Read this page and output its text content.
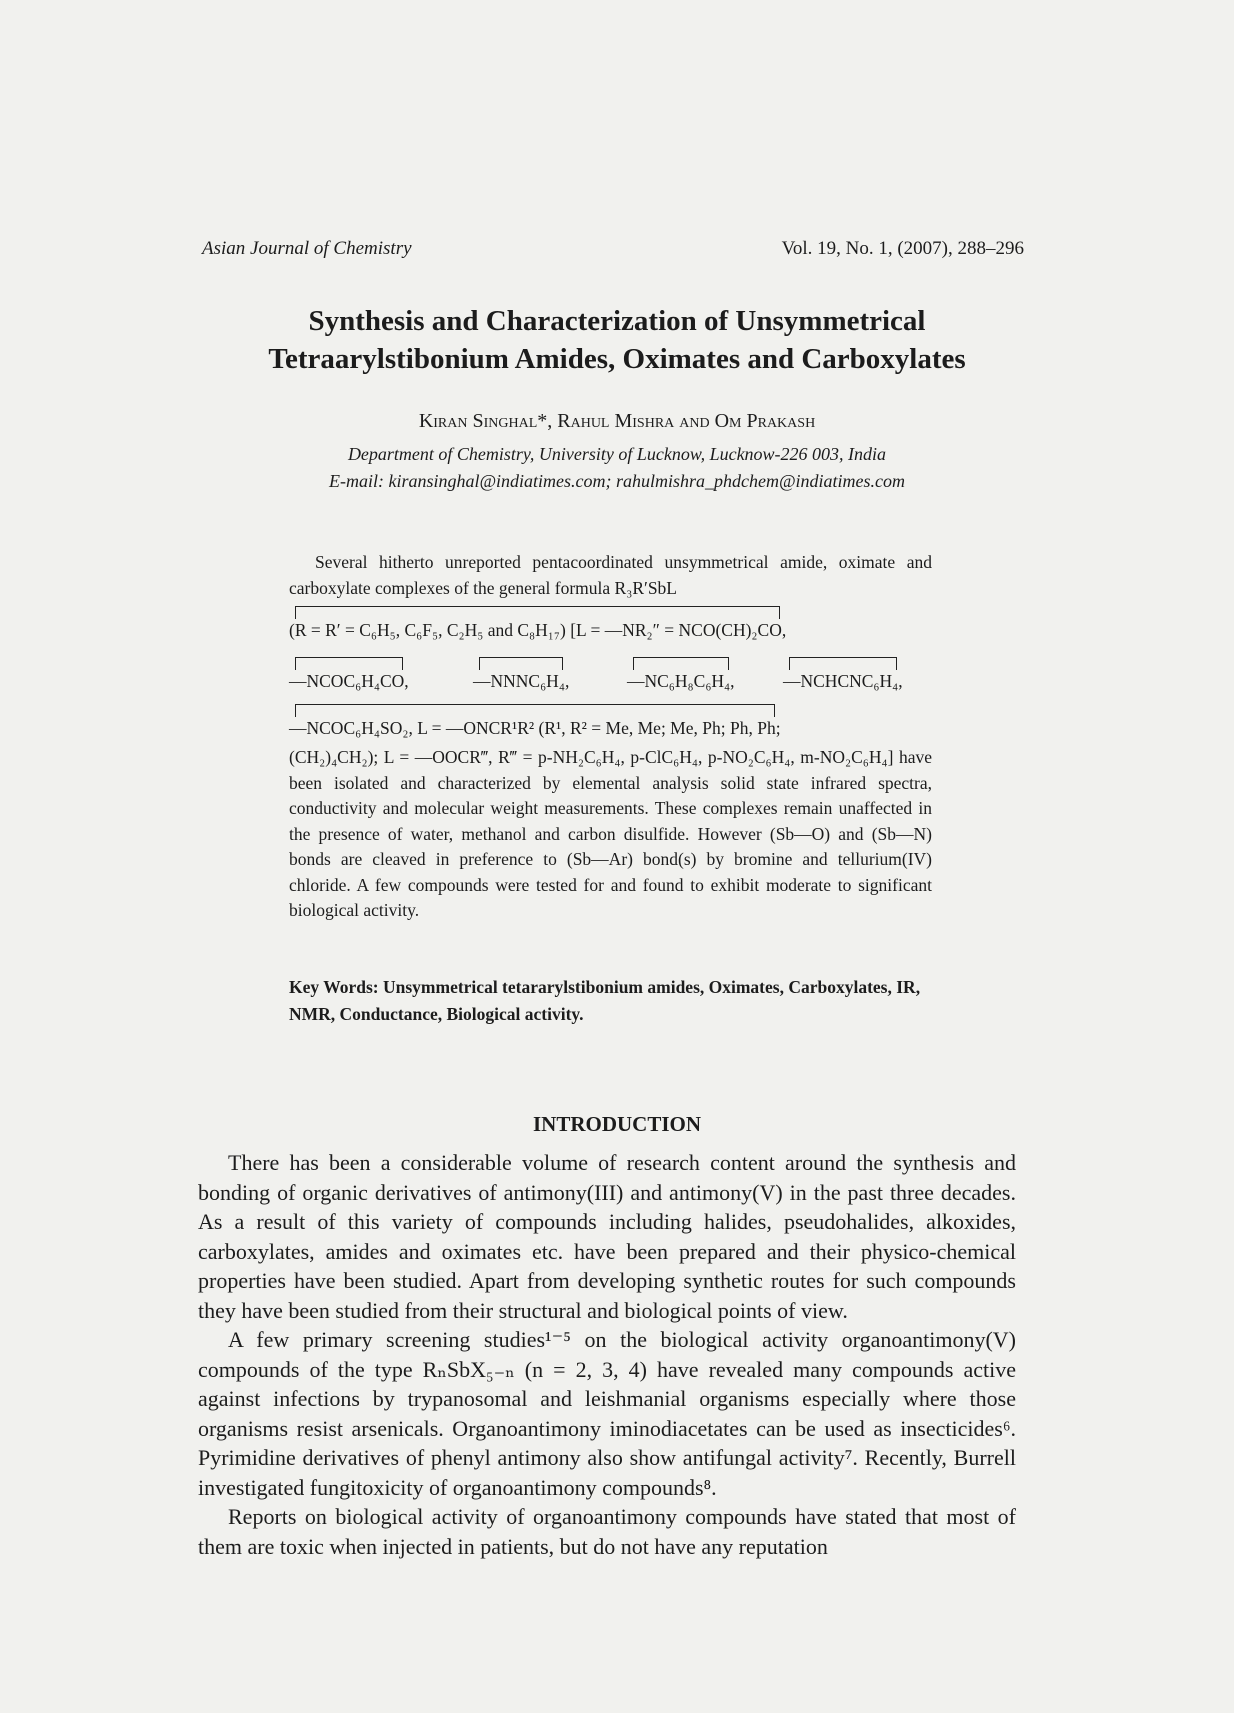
Asian Journal of Chemistry	Vol. 19, No. 1, (2007), 288–296
Synthesis and Characterization of Unsymmetrical
Tetraarylstibonium Amides, Oximates and Carboxylates
Kiran Singhal*, Rahul Mishra and Om Prakash
Department of Chemistry, University of Lucknow, Lucknow-226 003, India
E-mail: kiransinghal@indiatimes.com; rahulmishra_phdchem@indiatimes.com

Several hitherto unreported pentacoordinated unsymmetrical amide, oximate and carboxylate complexes of the general formula R₃R′SbL

(R = R′ = C₆H₅, C₆F₅, C₂H₅ and C₈H₁₇) [L = —NR₂″ = NCO(CH)₂CO,
—NCOC₆H₄CO,	—NNNC₆H₄,	—NC₆H₈C₆H₄,	—NCHCNC₆H₄,
—NCOC₆H₄SO₂, L = —ONCR¹R² (R¹, R² = Me, Me; Me, Ph; Ph, Ph;

(CH₂)₄CH₂); L = —OOCR‴, R‴ = p-NH₂C₆H₄, p-ClC₆H₄, p-NO₂C₆H₄, m-NO₂C₆H₄] have been isolated and characterized by elemental analysis solid state infrared spectra, conductivity and molecular weight measurements. These complexes remain unaffected in the presence of water, methanol and carbon disulfide. However (Sb—O) and (Sb—N) bonds are cleaved in preference to (Sb—Ar) bond(s) by bromine and tellurium(IV) chloride. A few compounds were tested for and found to exhibit moderate to significant biological activity.

Key Words: Unsymmetrical tetararylstibonium amides, Oximates, Carboxylates, IR, NMR, Conductance, Biological activity.
INTRODUCTION

There has been a considerable volume of research content around the synthesis and bonding of organic derivatives of antimony(III) and antimony(V) in the past three decades. As a result of this variety of compounds including halides, pseudohalides, alkoxides, carboxylates, amides and oximates etc. have been prepared and their physico-chemical properties have been studied. Apart from developing synthetic routes for such compounds they have been studied from their structural and biological points of view.

A few primary screening studies¹⁻⁵ on the biological activity organoantimony(V) compounds of the type RₙSbX₅₋ₙ (n = 2, 3, 4) have revealed many compounds active against infections by trypanosomal and leishmanial organisms especially where those organisms resist arsenicals. Organoantimony iminodiacetates can be used as insecticides⁶. Pyrimidine derivatives of phenyl antimony also show antifungal activity⁷. Recently, Burrell investigated fungitoxicity of organoantimony compounds⁸.

Reports on biological activity of organoantimony compounds have stated that most of them are toxic when injected in patients, but do not have any reputation
